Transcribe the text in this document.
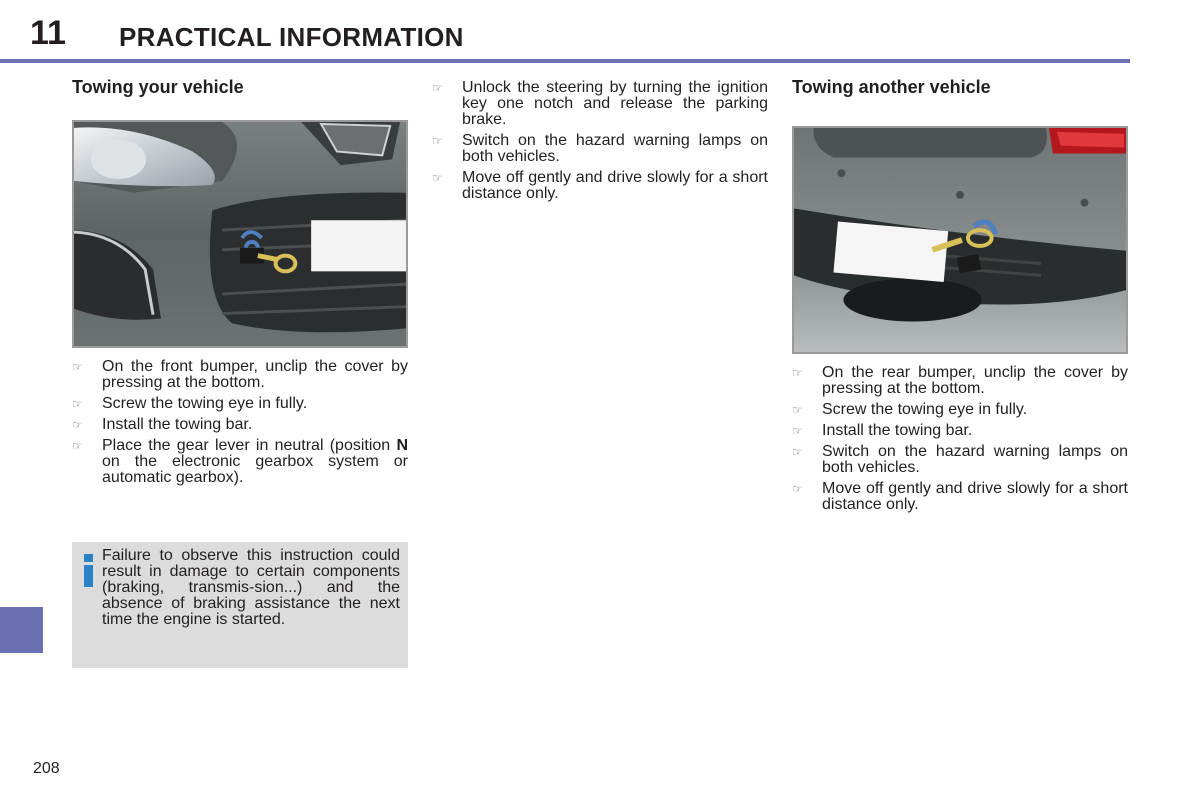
11 PRACTICAL INFORMATION
Towing your vehicle
☞	On the front bumper, unclip the cover by pressing at the bottom.
☞	Screw the towing eye in fully.
☞	Install the towing bar.
☞	Place the gear lever in neutral (position N on the electronic gearbox system or automatic gearbox).
Failure to observe this instruction could result in damage to certain components (braking, transmis-sion...) and the absence of braking assistance the next time the engine is started.
☞	Unlock the steering by turning the ignition key one notch and release the parking brake.
☞	Switch on the hazard warning lamps on both vehicles.
☞	Move off gently and drive slowly for a short distance only.
Towing another vehicle
☞	On the rear bumper, unclip the cover by pressing at the bottom.
☞	Screw the towing eye in fully.
☞	Install the towing bar.
☞	Switch on the hazard warning lamps on both vehicles.
☞	Move off gently and drive slowly for a short distance only.
208
